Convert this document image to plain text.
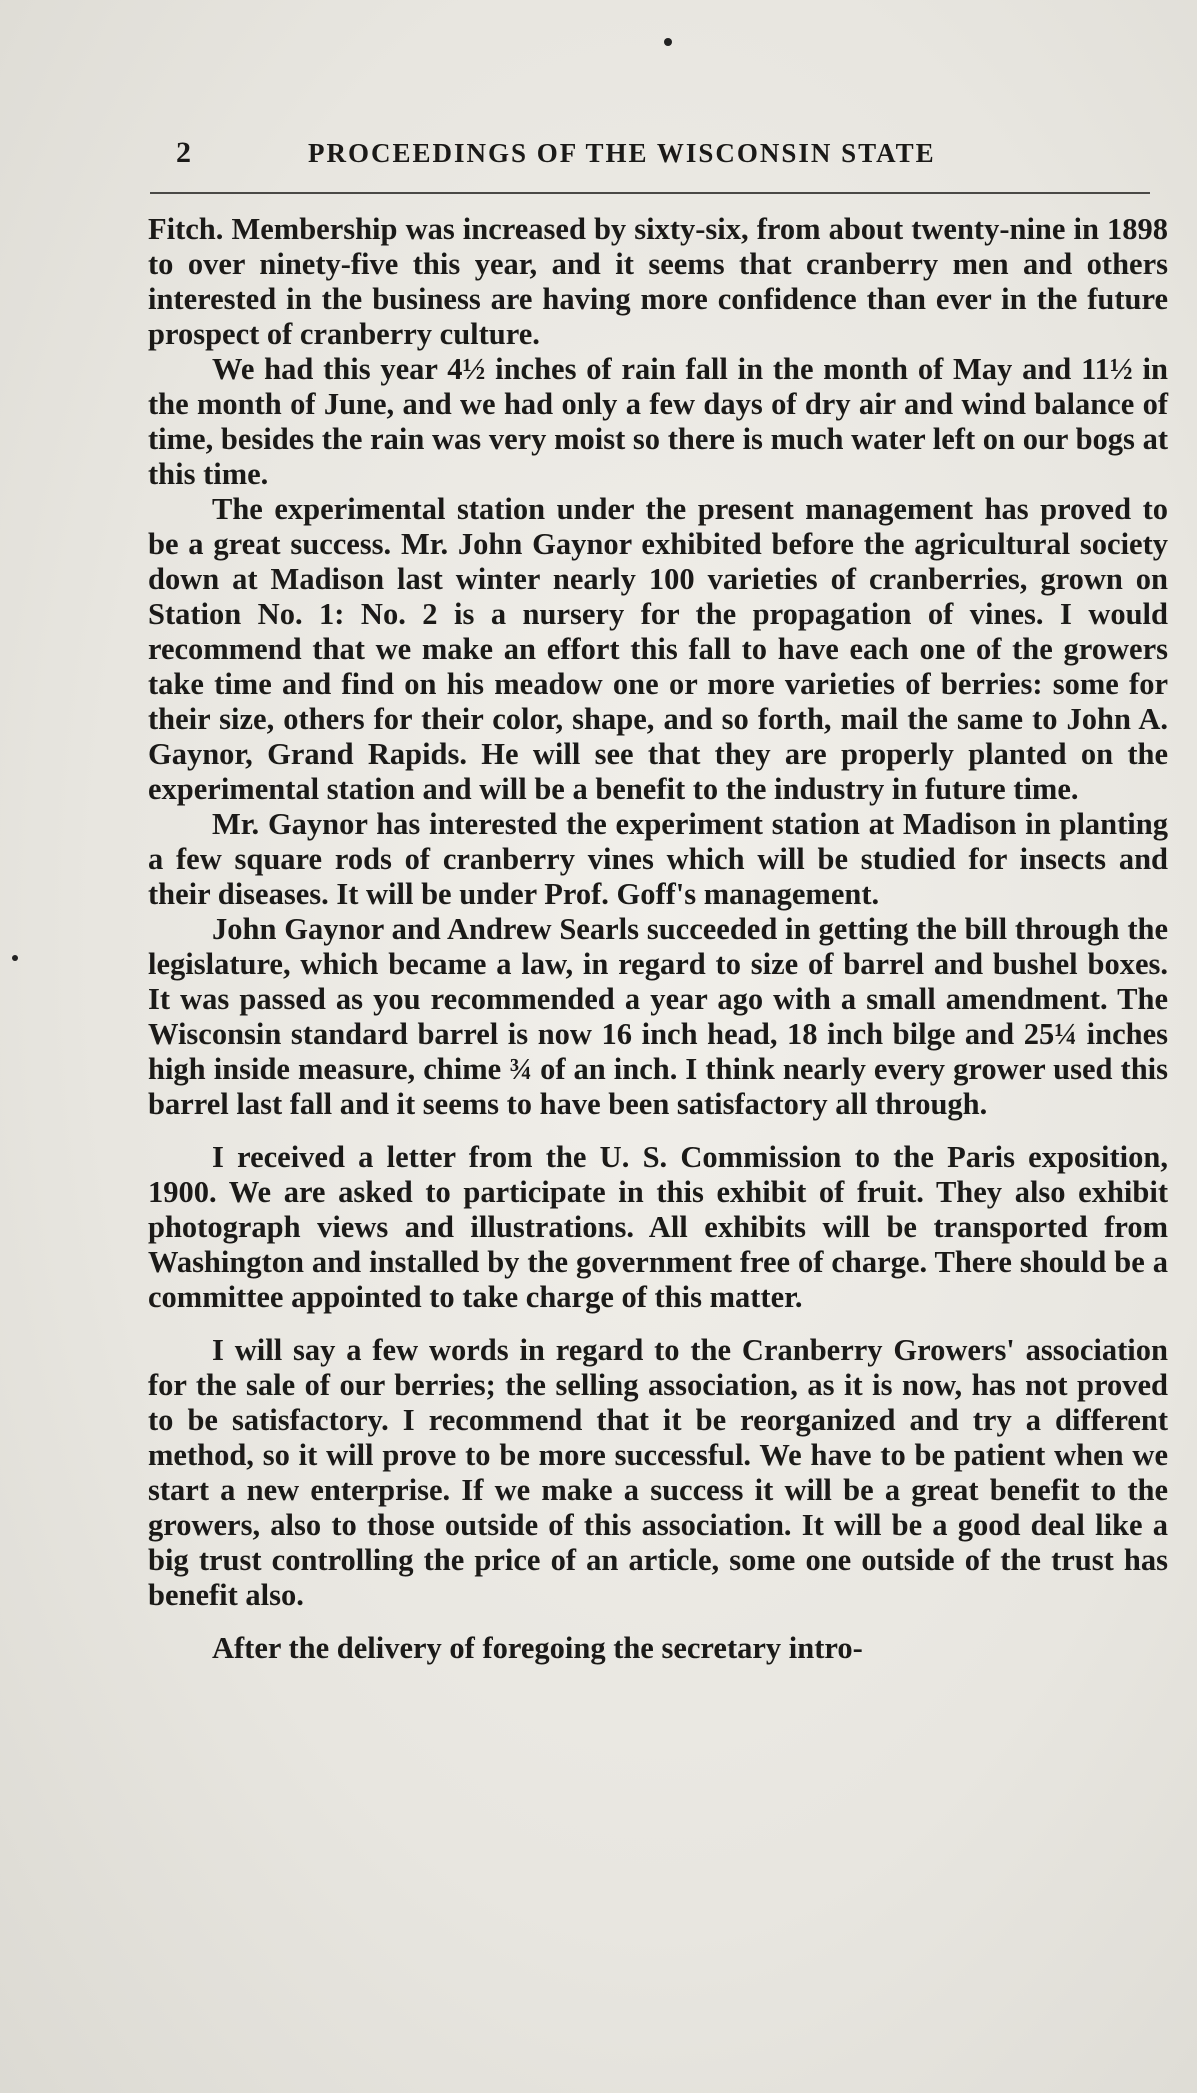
2	PROCEEDINGS OF THE WISCONSIN STATE

Fitch. Membership was increased by sixty-six, from about twenty-nine in 1898 to over ninety-five this year, and it seems that cranberry men and others interested in the business are having more confidence than ever in the future prospect of cranberry culture.

We had this year 4½ inches of rain fall in the month of May and 11½ in the month of June, and we had only a few days of dry air and wind balance of time, besides the rain was very moist so there is much water left on our bogs at this time.

The experimental station under the present management has proved to be a great success. Mr. John Gaynor exhibited before the agricultural society down at Madison last winter nearly 100 varieties of cranberries, grown on Station No. 1: No. 2 is a nursery for the propagation of vines. I would recommend that we make an effort this fall to have each one of the growers take time and find on his meadow one or more varieties of berries: some for their size, others for their color, shape, and so forth, mail the same to John A. Gaynor, Grand Rapids. He will see that they are properly planted on the experimental station and will be a benefit to the industry in future time.

Mr. Gaynor has interested the experiment station at Madison in planting a few square rods of cranberry vines which will be studied for insects and their diseases. It will be under Prof. Goff's management.

John Gaynor and Andrew Searls succeeded in getting the bill through the legislature, which became a law, in regard to size of barrel and bushel boxes. It was passed as you recommended a year ago with a small amendment. The Wisconsin standard barrel is now 16 inch head, 18 inch bilge and 25¼ inches high inside measure, chime ¾ of an inch. I think nearly every grower used this barrel last fall and it seems to have been satisfactory all through.

I received a letter from the U. S. Commission to the Paris exposition, 1900. We are asked to participate in this exhibit of fruit. They also exhibit photograph views and illustrations. All exhibits will be transported from Washington and installed by the government free of charge. There should be a committee appointed to take charge of this matter.

I will say a few words in regard to the Cranberry Growers' association for the sale of our berries; the selling association, as it is now, has not proved to be satisfactory. I recommend that it be reorganized and try a different method, so it will prove to be more successful. We have to be patient when we start a new enterprise. If we make a success it will be a great benefit to the growers, also to those outside of this association. It will be a good deal like a big trust controlling the price of an article, some one outside of the trust has benefit also.

After the delivery of foregoing the secretary intro-
